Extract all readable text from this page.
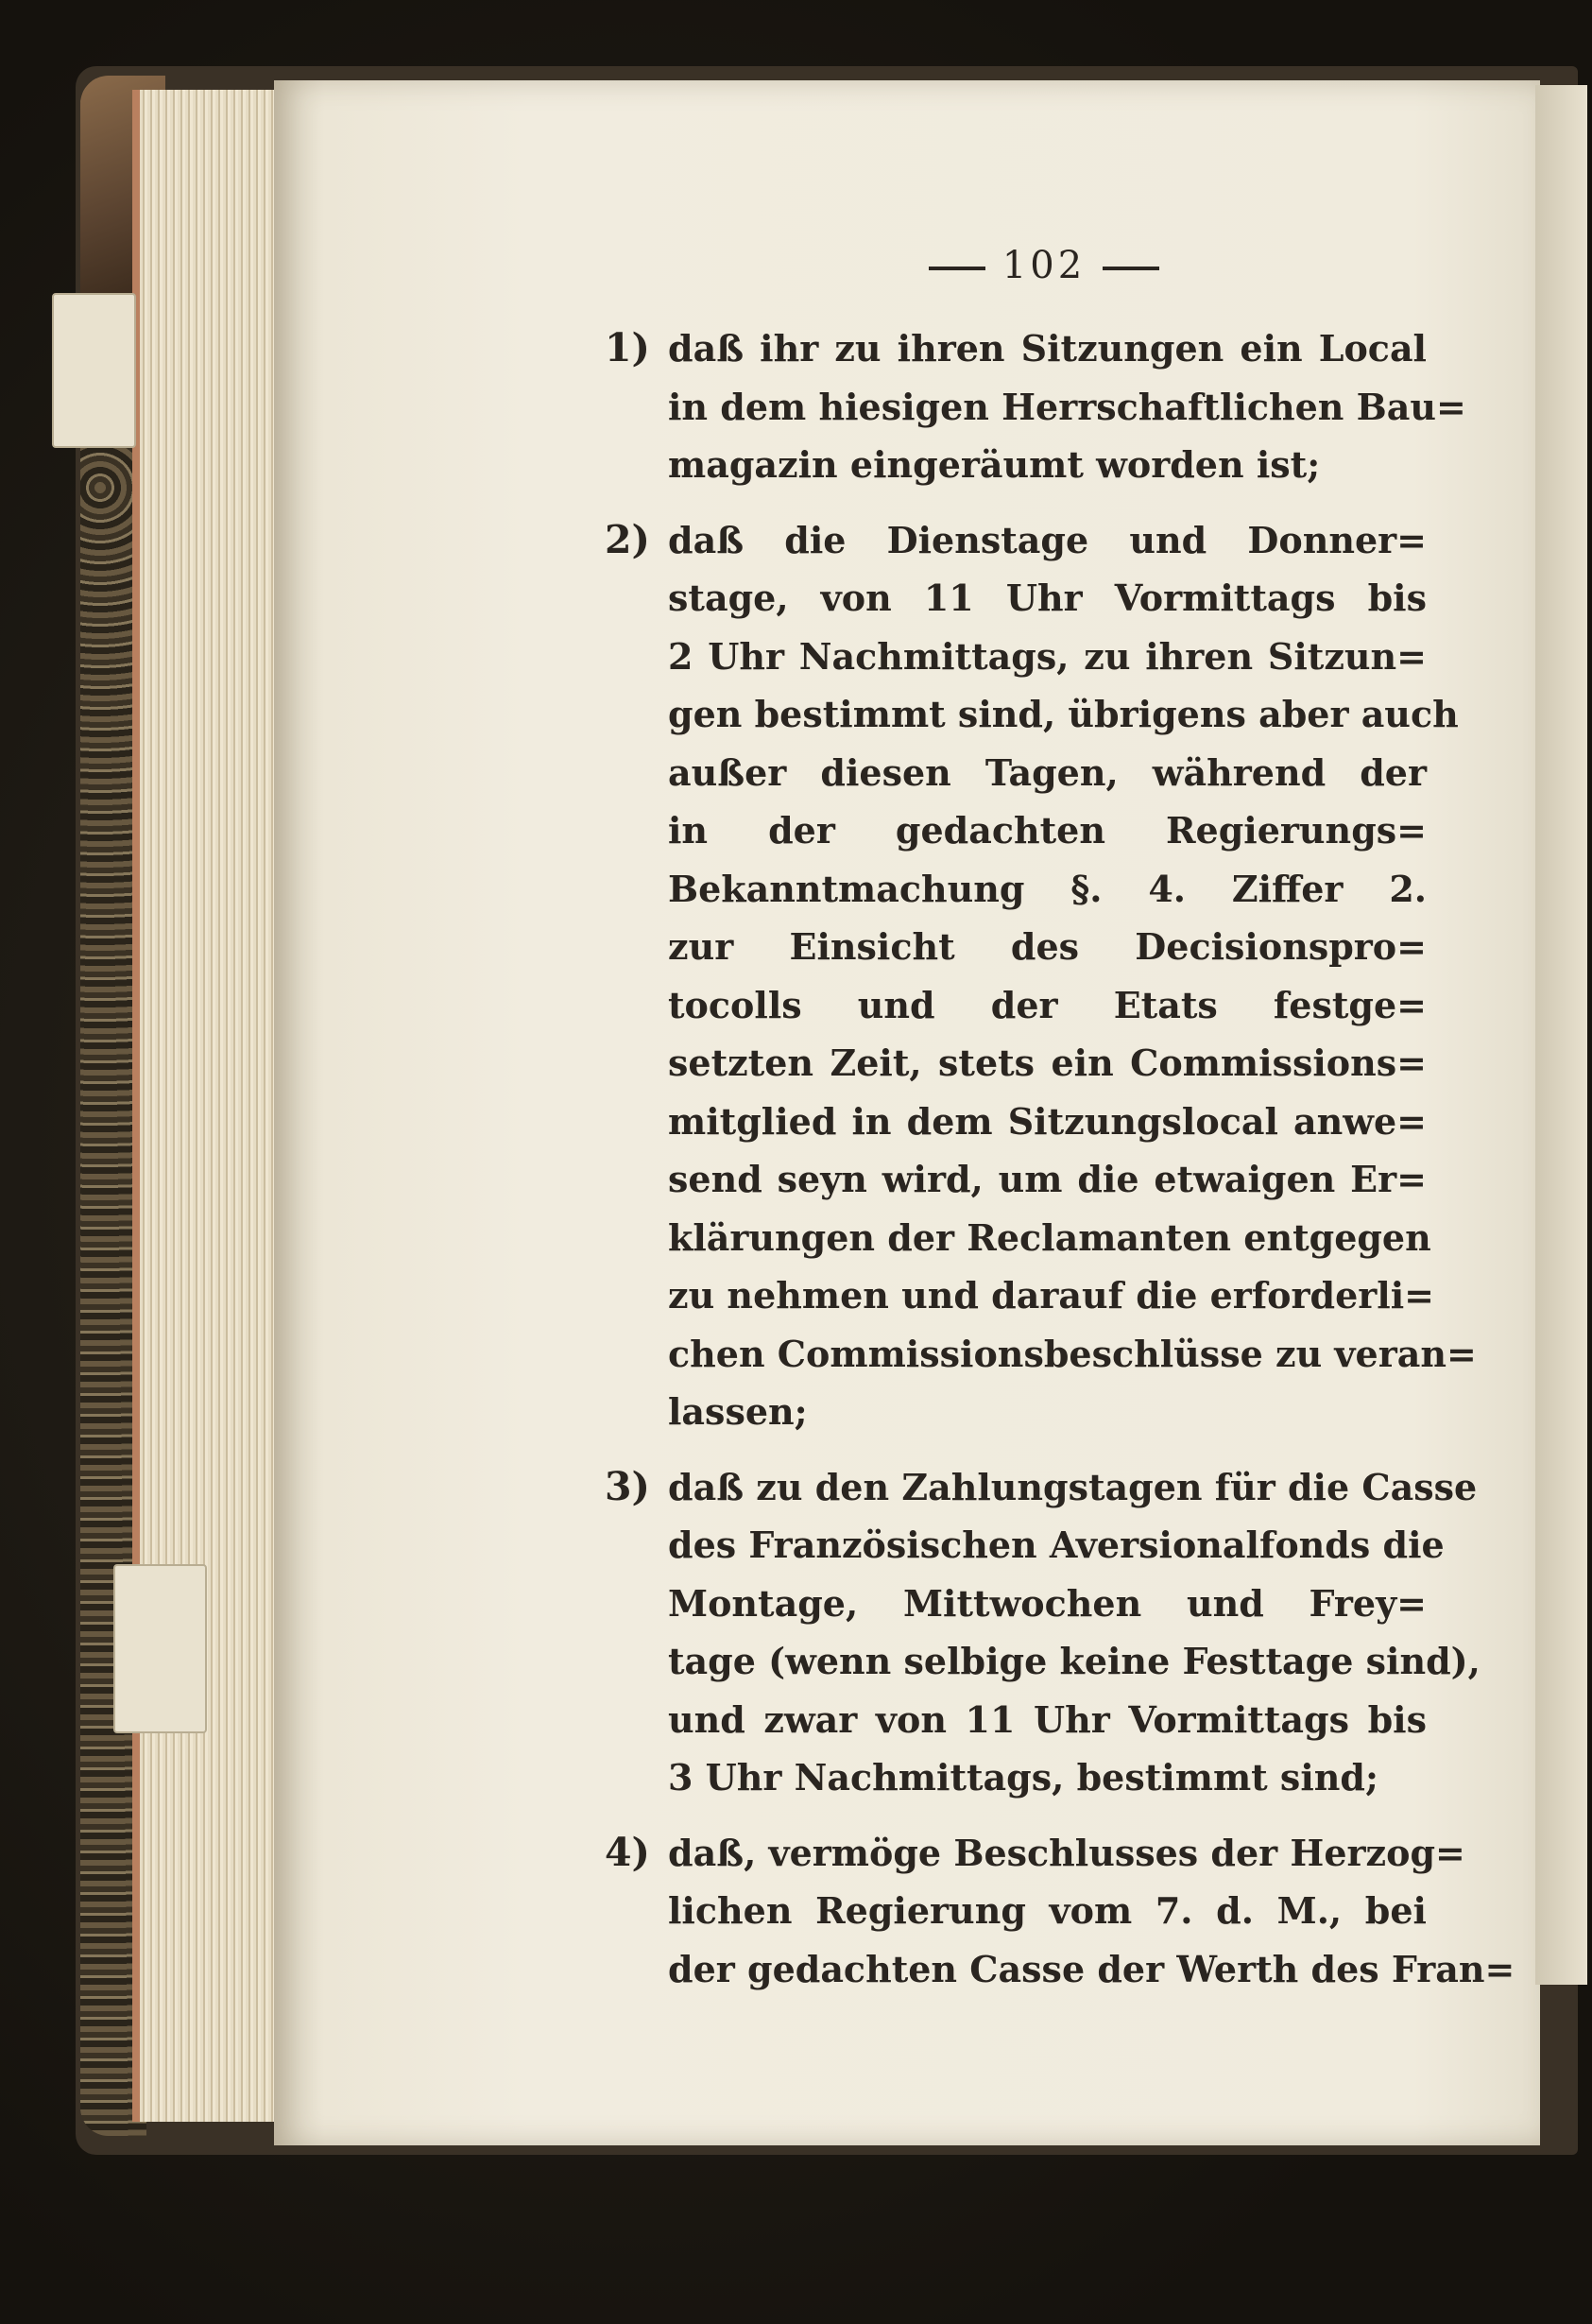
102
1) daß ihr zu ihren Sitzungen ein Local
in dem hiesigen Herrschaftlichen Bau=
magazin eingeräumt worden ist;
2) daß die Dienstage und Donner=
stage, von 11 Uhr Vormittags bis
2 Uhr Nachmittags, zu ihren Sitzun=
gen bestimmt sind, übrigens aber auch
außer diesen Tagen, während der
in der gedachten Regierungs=
Bekanntmachung §. 4. Ziffer 2.
zur Einsicht des Decisionspro=
tocolls und der Etats festge=
setzten Zeit, stets ein Commissions=
mitglied in dem Sitzungslocal anwe=
send seyn wird, um die etwaigen Er=
klärungen der Reclamanten entgegen
zu nehmen und darauf die erforderli=
chen Commissionsbeschlüsse zu veran=
lassen;
3) daß zu den Zahlungstagen für die Casse
des Französischen Aversionalfonds die
Montage, Mittwochen und Frey=
tage (wenn selbige keine Festtage sind),
und zwar von 11 Uhr Vormittags bis
3 Uhr Nachmittags, bestimmt sind;
4) daß, vermöge Beschlusses der Herzog=
lichen Regierung vom 7. d. M., bei
der gedachten Casse der Werth des Fran=
